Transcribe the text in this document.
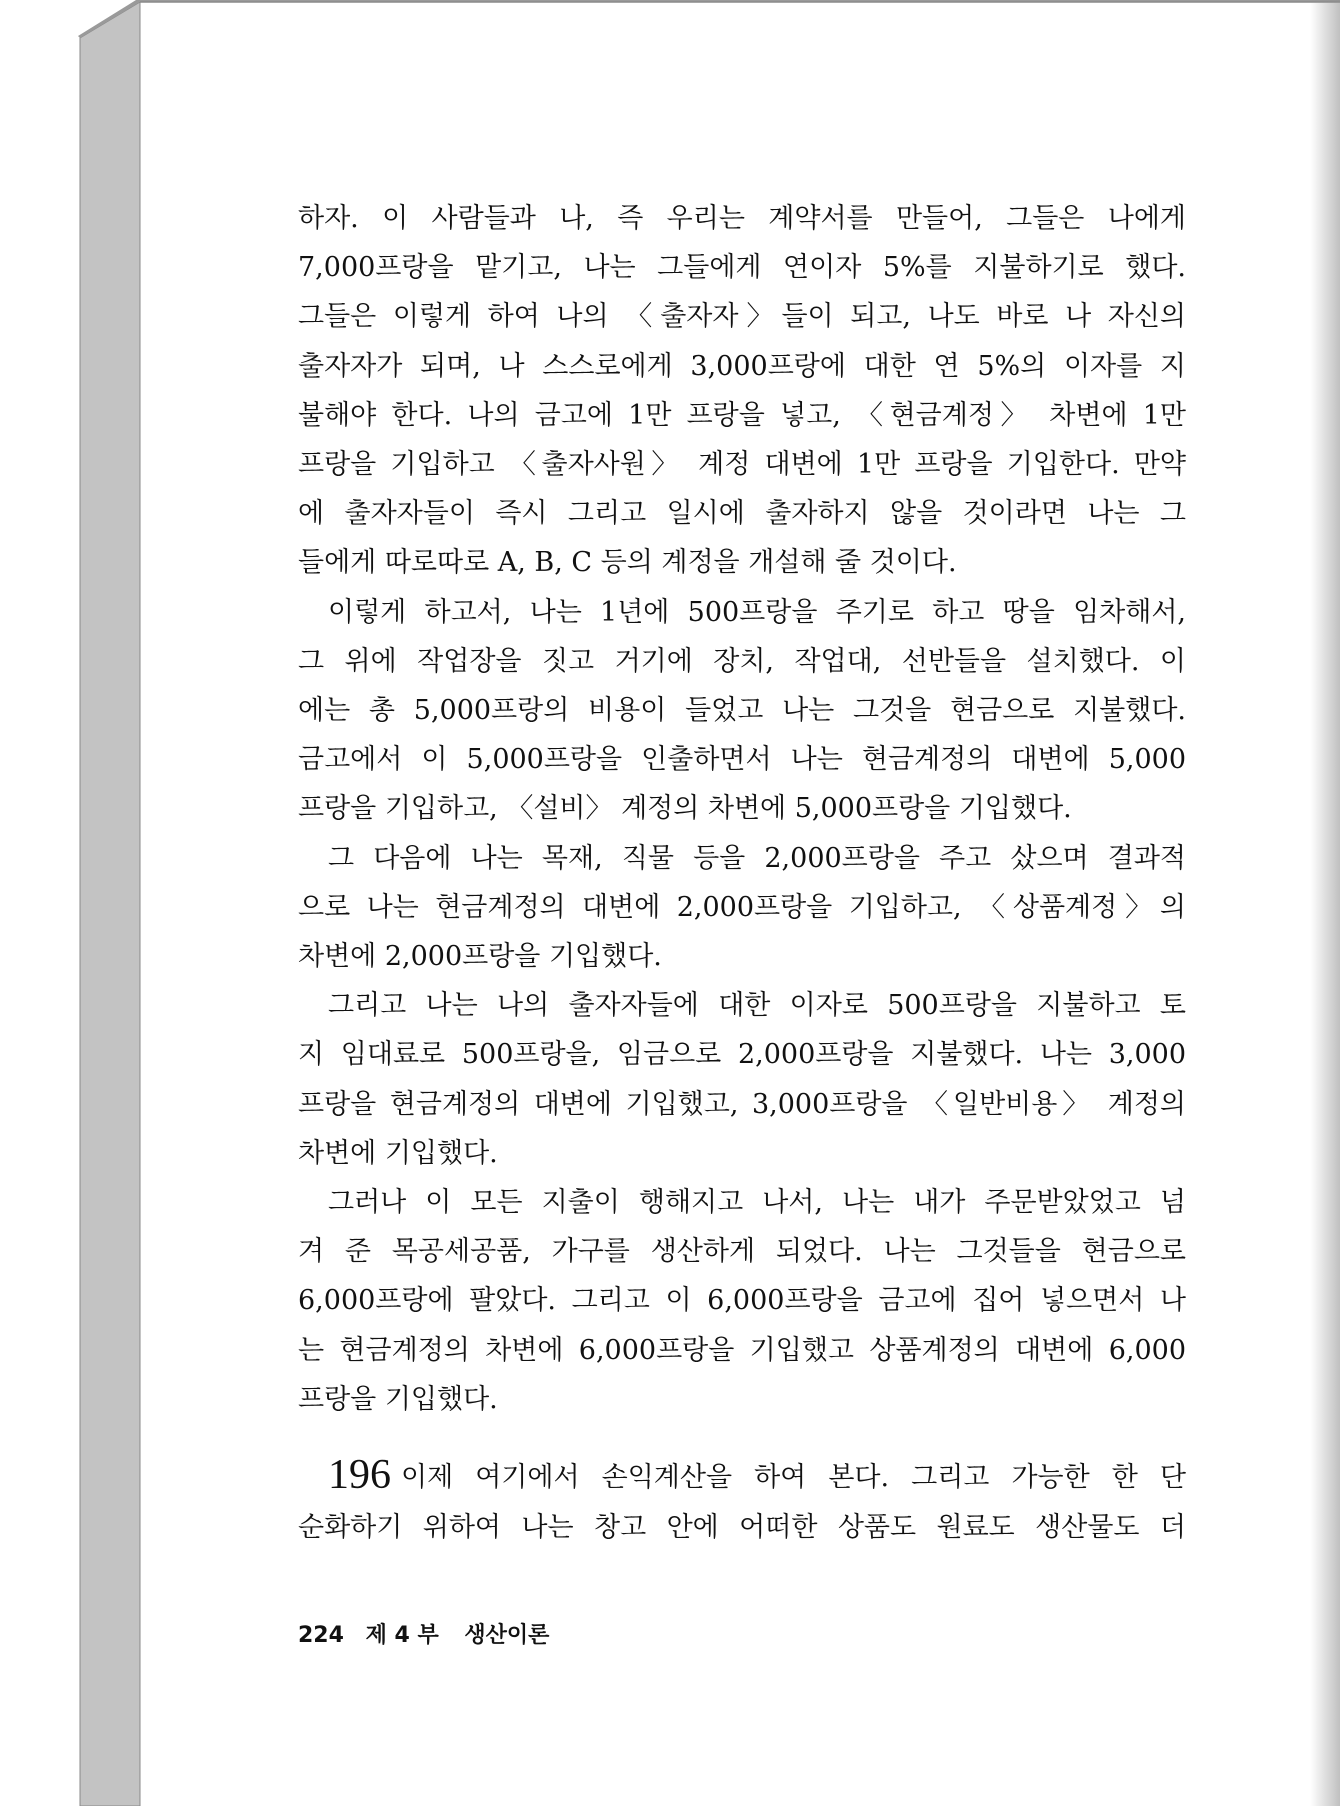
하자. 이 사람들과 나, 즉 우리는 계약서를 만들어, 그들은 나에게
7,000프랑을 맡기고, 나는 그들에게 연이자 5%를 지불하기로 했다.
그들은 이렇게 하여 나의 〈출자자〉들이 되고, 나도 바로 나 자신의
출자자가 되며, 나 스스로에게 3,000프랑에 대한 연 5%의 이자를 지
불해야 한다. 나의 금고에 1만 프랑을 넣고, 〈현금계정〉 차변에 1만
프랑을 기입하고 〈출자사원〉 계정 대변에 1만 프랑을 기입한다. 만약
에 출자자들이 즉시 그리고 일시에 출자하지 않을 것이라면 나는 그
들에게 따로따로 A, B, C 등의 계정을 개설해 줄 것이다.
이렇게 하고서, 나는 1년에 500프랑을 주기로 하고 땅을 임차해서,
그 위에 작업장을 짓고 거기에 장치, 작업대, 선반들을 설치했다. 이
에는 총 5,000프랑의 비용이 들었고 나는 그것을 현금으로 지불했다.
금고에서 이 5,000프랑을 인출하면서 나는 현금계정의 대변에 5,000
프랑을 기입하고, 〈설비〉 계정의 차변에 5,000프랑을 기입했다.
그 다음에 나는 목재, 직물 등을 2,000프랑을 주고 샀으며 결과적
으로 나는 현금계정의 대변에 2,000프랑을 기입하고, 〈상품계정〉의
차변에 2,000프랑을 기입했다.
그리고 나는 나의 출자자들에 대한 이자로 500프랑을 지불하고 토
지 임대료로 500프랑을, 임금으로 2,000프랑을 지불했다. 나는 3,000
프랑을 현금계정의 대변에 기입했고, 3,000프랑을 〈일반비용〉 계정의
차변에 기입했다.
그러나 이 모든 지출이 행해지고 나서, 나는 내가 주문받았었고 넘
겨 준 목공세공품, 가구를 생산하게 되었다. 나는 그것들을 현금으로
6,000프랑에 팔았다. 그리고 이 6,000프랑을 금고에 집어 넣으면서 나
는 현금계정의 차변에 6,000프랑을 기입했고 상품계정의 대변에 6,000
프랑을 기입했다.
196 이제 여기에서 손익계산을 하여 본다. 그리고 가능한 한 단
순화하기 위하여 나는 창고 안에 어떠한 상품도 원료도 생산물도 더
224 제 4 부 생산이론
